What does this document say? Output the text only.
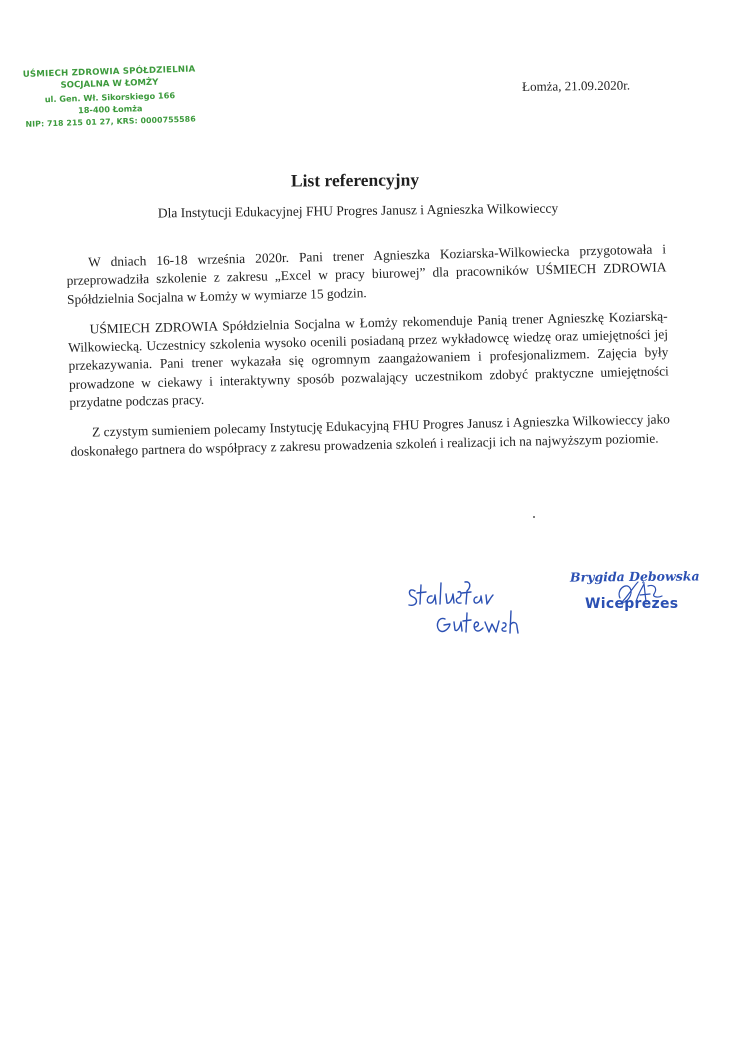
UŚMIECH ZDROWIA SPÓŁDZIELNIA
SOCJALNA W ŁOMŻY
ul. Gen. Wł. Sikorskiego 166
18-400 Łomża
NIP: 718 215 01 27, KRS: 0000755586
Łomża, 21.09.2020r.
List referencyjny
Dla Instytucji Edukacyjnej FHU Progres Janusz i Agnieszka Wilkowieccy

W dniach 16-18 września 2020r. Pani trener Agnieszka Koziarska-Wilkowiecka przygotowała i przeprowadziła szkolenie z zakresu „Excel w pracy biurowej” dla pracowników UŚMIECH ZDROWIA Spółdzielnia Socjalna w Łomży w wymiarze 15 godzin.

UŚMIECH ZDROWIA Spółdzielnia Socjalna w Łomży rekomenduje Panią trener Agnieszkę Koziarską-Wilkowiecką. Uczestnicy szkolenia wysoko ocenili posiadaną przez wykładowcę wiedzę oraz umiejętności jej przekazywania. Pani trener wykazała się ogromnym zaangażowaniem i profesjonalizmem. Zajęcia były prowadzone w ciekawy i interaktywny sposób pozwalający uczestnikom zdobyć praktyczne umiejętności przydatne podczas pracy.

Z czystym sumieniem polecamy Instytucję Edukacyjną FHU Progres Janusz i Agnieszka Wilkowieccy jako doskonałego partnera do współpracy z zakresu prowadzenia szkoleń i realizacji ich na najwyższym poziomie.

Brygida Dębowska
Wiceprezes
